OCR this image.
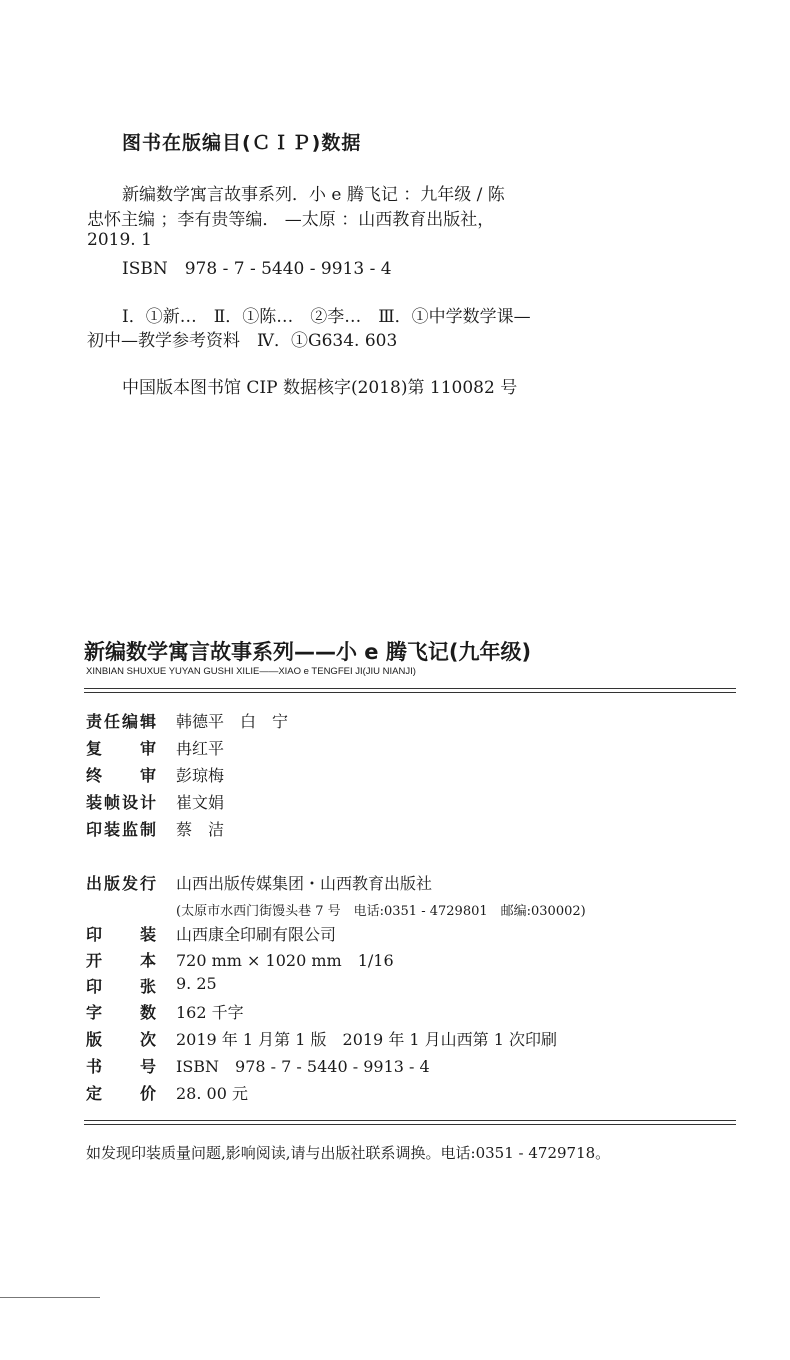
图书在版编目(ＣＩＰ)数据
新编数学寓言故事系列．小 e 腾飞记 ：九年级 / 陈
忠怀主编 ；李有贵等编． —太原 ：山西教育出版社，
2019. 1
ISBN　978 - 7 - 5440 - 9913 - 4
Ⅰ．①新…　Ⅱ．①陈…　②李…　Ⅲ．①中学数学课—
初中—教学参考资料　Ⅳ．①G634. 603
中国版本图书馆 CIP 数据核字(2018)第 110082 号
新编数学寓言故事系列——小 e 腾飞记(九年级)
XINBIAN SHUXUE YUYAN GUSHI XILIE——XIAO e TENGFEI JI(JIU NIANJI)
责任编辑 韩德平　白　宁
复审 冉红平
终审 彭琼梅
装帧设计 崔文娟
印装监制 蔡　洁
出版发行 山西出版传媒集团・山西教育出版社
(太原市水西门街馒头巷 7 号　电话:0351 - 4729801　邮编:030002)
印装 山西康全印刷有限公司
开本 720 mm × 1020 mm　1/16
印张 9. 25
字数 162 千字
版次 2019 年 1 月第 1 版　2019 年 1 月山西第 1 次印刷
书号 ISBN　978 - 7 - 5440 - 9913 - 4
定价 28. 00 元
如发现印装质量问题,影响阅读,请与出版社联系调换。电话:0351 - 4729718。
